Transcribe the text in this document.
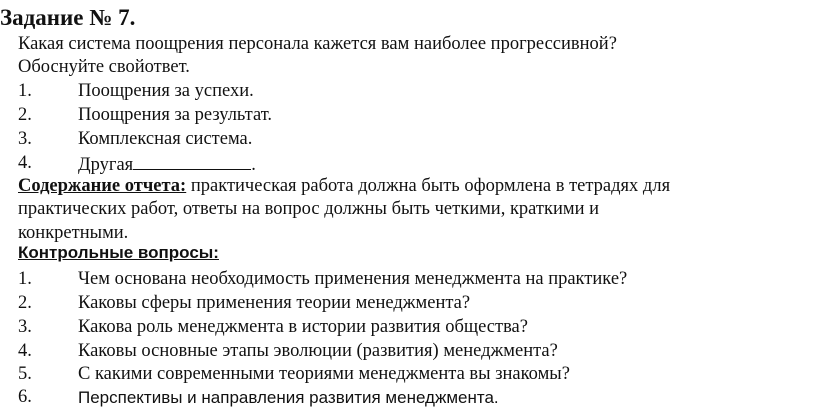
Задание № 7.
Какая система поощрения персонала кажется вам наиболее прогрессивной?
Обоснуйте свойответ.
1. Поощрения за успехи.
2. Поощрения за результат.
3. Комплексная система.
4. Другая	.
Содержание отчета: практическая работа должна быть оформлена в тетрадях для
практических работ, ответы на вопрос должны быть четкими, краткими и
конкретными.
Контрольные вопросы:
1. Чем основана необходимость применения менеджмента на практике?
2. Каковы сферы применения теории менеджмента?
3. Какова роль менеджмента в истории развития общества?
4. Каковы основные этапы эволюции (развития) менеджмента?
5. С какими современными теориями менеджмента вы знакомы?
6.	Перспективы и направления развития менеджмента.
